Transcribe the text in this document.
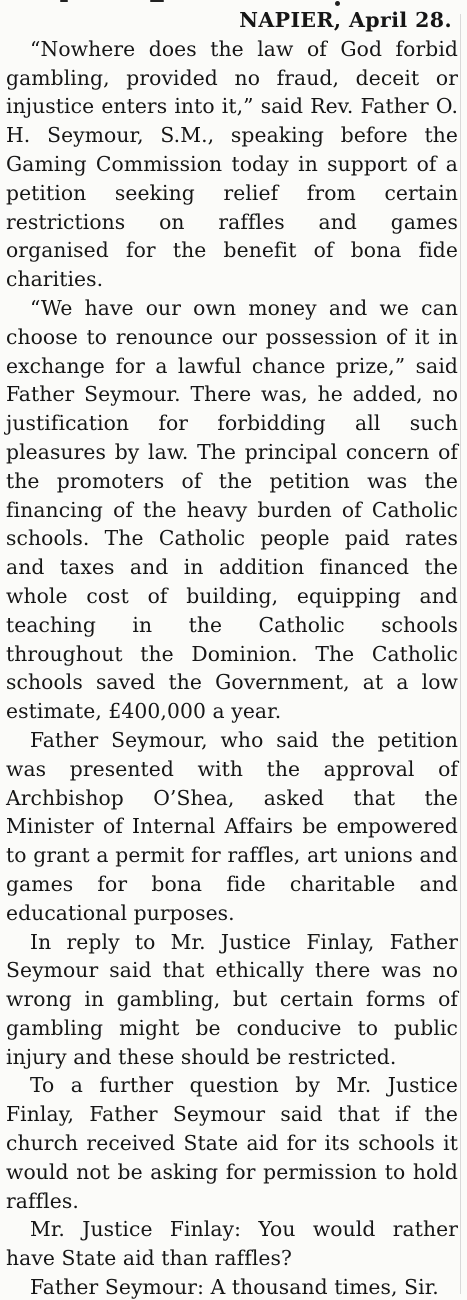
NAPIER, April 28.

“Nowhere does the law of God forbid gambling, provided no fraud, deceit or injustice enters into it,” said Rev. Father O. H. Seymour, S.M., speaking before the Gaming Commission today in support of a petition seeking relief from certain restrictions on raffles and games organised for the benefit of bona fide charities.

“We have our own money and we can choose to renounce our possession of it in exchange for a lawful chance prize,” said Father Seymour. There was, he added, no justification for forbidding all such pleasures by law. The principal concern of the promoters of the petition was the financing of the heavy burden of Catholic schools. The Catholic people paid rates and taxes and in addition financed the whole cost of building, equipping and teaching in the Catholic schools throughout the Dominion. The Catholic schools saved the Government, at a low estimate, £400,000 a year.

Father Seymour, who said the petition was presented with the approval of Archbishop O’Shea, asked that the Minister of Internal Affairs be empowered to grant a permit for raffles, art unions and games for bona fide charitable and educational purposes.

In reply to Mr. Justice Finlay, Father Seymour said that ethically there was no wrong in gambling, but certain forms of gambling might be conducive to public injury and these should be restricted.

To a further question by Mr. Justice Finlay, Father Seymour said that if the church received State aid for its schools it would not be asking for permission to hold raffles.

Mr. Justice Finlay: You would rather have State aid than raffles?

Father Seymour: A thousand times, Sir.
